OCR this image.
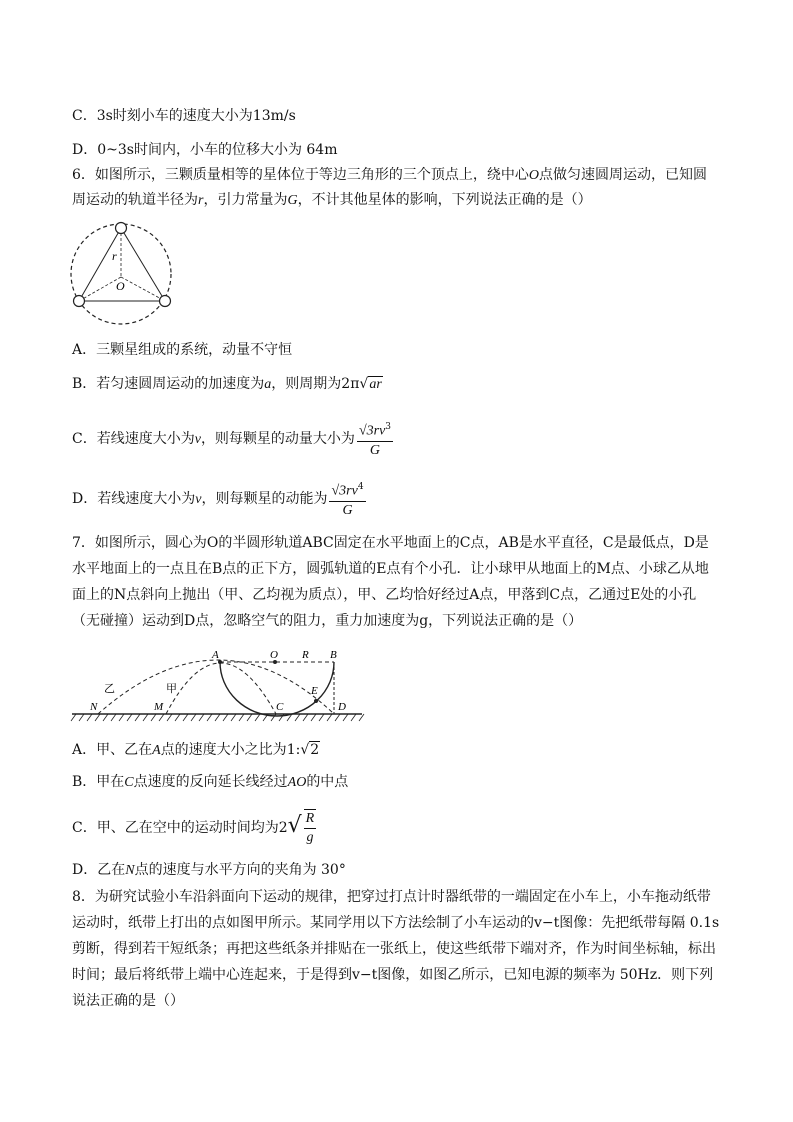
C．3s时刻小车的速度大小为13m/s
D．0~3s时间内，小车的位移大小为 64m
6．如图所示，三颗质量相等的星体位于等边三角形的三个顶点上，绕中心O点做匀速圆周运动，已知圆
周运动的轨道半径为r，引力常量为G，不计其他星体的影响，下列说法正确的是（）
r
O
A．三颗星组成的系统，动量不守恒
B．若匀速圆周运动的加速度为a，则周期为2π√ar
C．若线速度大小为v，则每颗星的动量大小为 $\frac{√3rv^3}{G}$
D．若线速度大小为v，则每颗星的动能为 $\frac{√3rv^4}{G}$
7．如图所示，圆心为O的半圆形轨道ABC固定在水平地面上的C点，AB是水平直径，C是最低点，D是水平地面上的一点且在B点的正下方，圆弧轨道的E点有个小孔．让小球甲从地面上的M点、小球乙从地面上的N点斜向上抛出（甲、乙均视为质点），甲、乙均恰好经过A点，甲落到C点，乙通过E处的小孔（无碰撞）运动到D点，忽略空气的阻力，重力加速度为g，下列说法正确的是（）
A	O R B
E
C	D
N	M
乙	甲
A．甲、乙在A点的速度大小之比为1:√2
B．甲在C点速度的反向延长线经过AO的中点
C．甲、乙在空中的运动时间均为$2√ \frac{R}{g}$
D．乙在N点的速度与水平方向的夹角为 30°
8．为研究试验小车沿斜面向下运动的规律，把穿过打点计时器纸带的一端固定在小车上，小车拖动纸带运动时，纸带上打出的点如图甲所示。某同学用以下方法绘制了小车运动的v−t图像：先把纸带每隔 0.1s 剪断，得到若干短纸条；再把这些纸条并排贴在一张纸上，使这些纸带下端对齐，作为时间坐标轴，标出时间；最后将纸带上端中心连起来，于是得到v−t图像，如图乙所示，已知电源的频率为 50Hz．则下列说法正确的是（）
